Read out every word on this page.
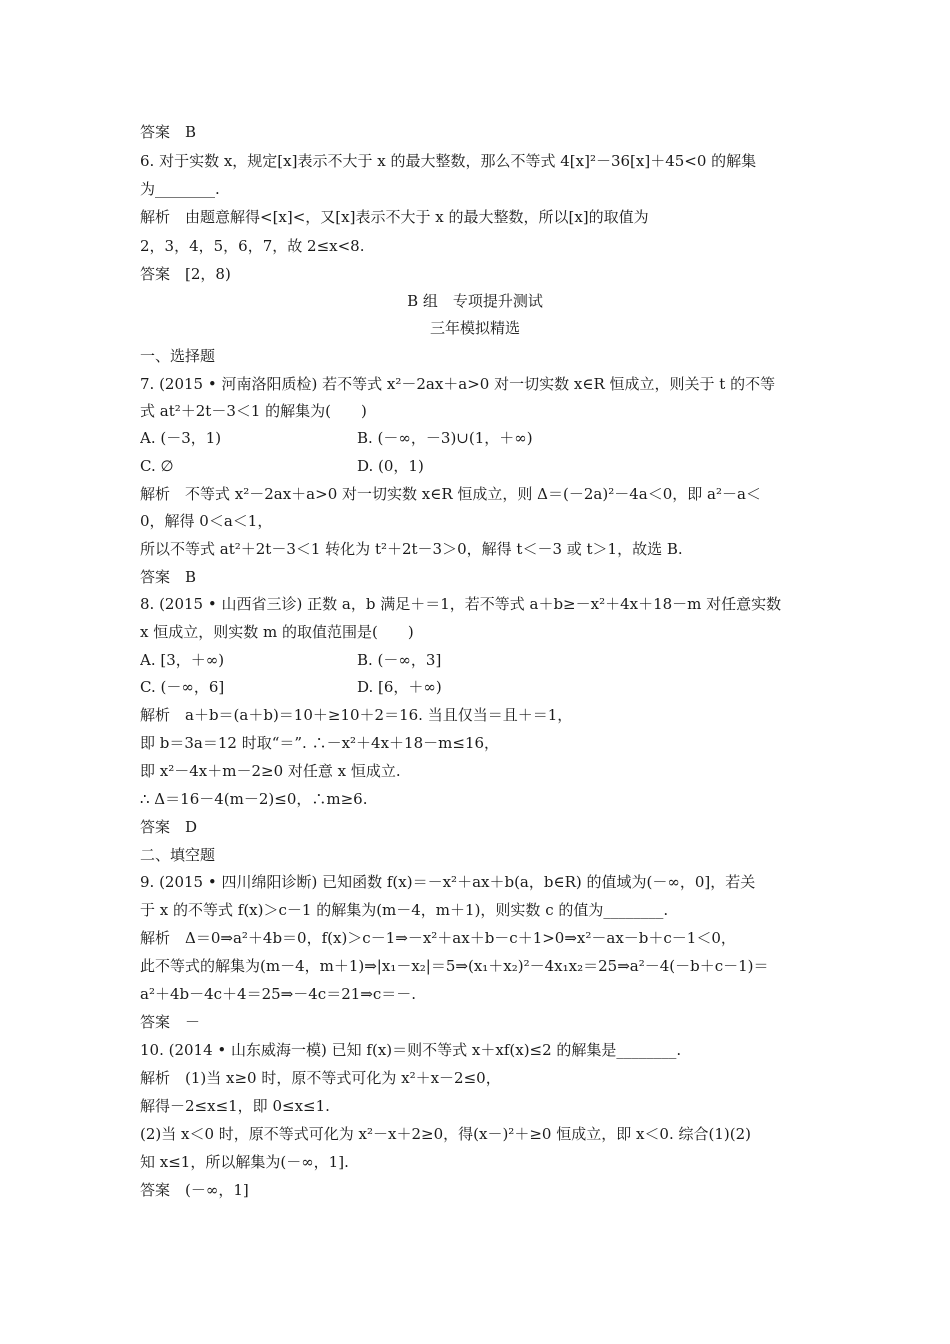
答案　B
6. 对于实数 x，规定[x]表示不大于 x 的最大整数，那么不等式 4[x]²－36[x]＋45<0 的解集
为________.
解析　由题意解得<[x]<，又[x]表示不大于 x 的最大整数，所以[x]的取值为
2，3，4，5，6，7，故 2≤x<8.
答案　[2，8)
B 组　专项提升测试
三年模拟精选
一、选择题
7. (2015 • 河南洛阳质检) 若不等式 x²－2ax＋a>0 对一切实数 x∈R 恒成立，则关于 t 的不等
式 at²＋2t－3＜1 的解集为(　　)
A. (－3，1)	B. (－∞，－3)∪(1，＋∞)
C. ∅	D. (0，1)
解析　不等式 x²－2ax＋a>0 对一切实数 x∈R 恒成立，则 Δ＝(－2a)²－4a＜0，即 a²－a＜
0，解得 0＜a＜1，
所以不等式 at²＋2t－3＜1 转化为 t²＋2t－3＞0，解得 t＜－3 或 t＞1，故选 B.
答案　B
8. (2015 • 山西省三诊) 正数 a，b 满足＋＝1，若不等式 a＋b≥－x²＋4x＋18－m 对任意实数
x 恒成立，则实数 m 的取值范围是(　　)
A. [3，＋∞)	B. (－∞，3]
C. (－∞，6]	D. [6，＋∞)
解析　a＋b＝(a＋b)＝10＋≥10＋2＝16. 当且仅当＝且＋＝1，
即 b＝3a＝12 时取“＝”. ∴－x²＋4x＋18－m≤16，
即 x²－4x＋m－2≥0 对任意 x 恒成立.
∴ Δ＝16－4(m－2)≤0，∴m≥6.
答案　D
二、填空题
9. (2015 • 四川绵阳诊断) 已知函数 f(x)＝－x²＋ax＋b(a，b∈R) 的值域为(－∞，0]，若关
于 x 的不等式 f(x)＞c－1 的解集为(m－4，m＋1)，则实数 c 的值为________.
解析　Δ＝0⇒a²＋4b＝0，f(x)＞c－1⇒－x²＋ax＋b－c＋1>0⇒x²－ax－b＋c－1＜0，
此不等式的解集为(m－4，m＋1)⇒|x₁－x₂|＝5⇒(x₁＋x₂)²－4x₁x₂＝25⇒a²－4(－b＋c－1)＝
a²＋4b－4c＋4＝25⇒－4c＝21⇒c＝－.
答案　－
10. (2014 • 山东威海一模) 已知 f(x)＝则不等式 x＋xf(x)≤2 的解集是________.
解析　(1)当 x≥0 时，原不等式可化为 x²＋x－2≤0，
解得－2≤x≤1，即 0≤x≤1.
(2)当 x＜0 时，原不等式可化为 x²－x＋2≥0，得(x－)²＋≥0 恒成立，即 x＜0. 综合(1)(2)
知 x≤1，所以解集为(－∞，1].
答案　(－∞，1]
